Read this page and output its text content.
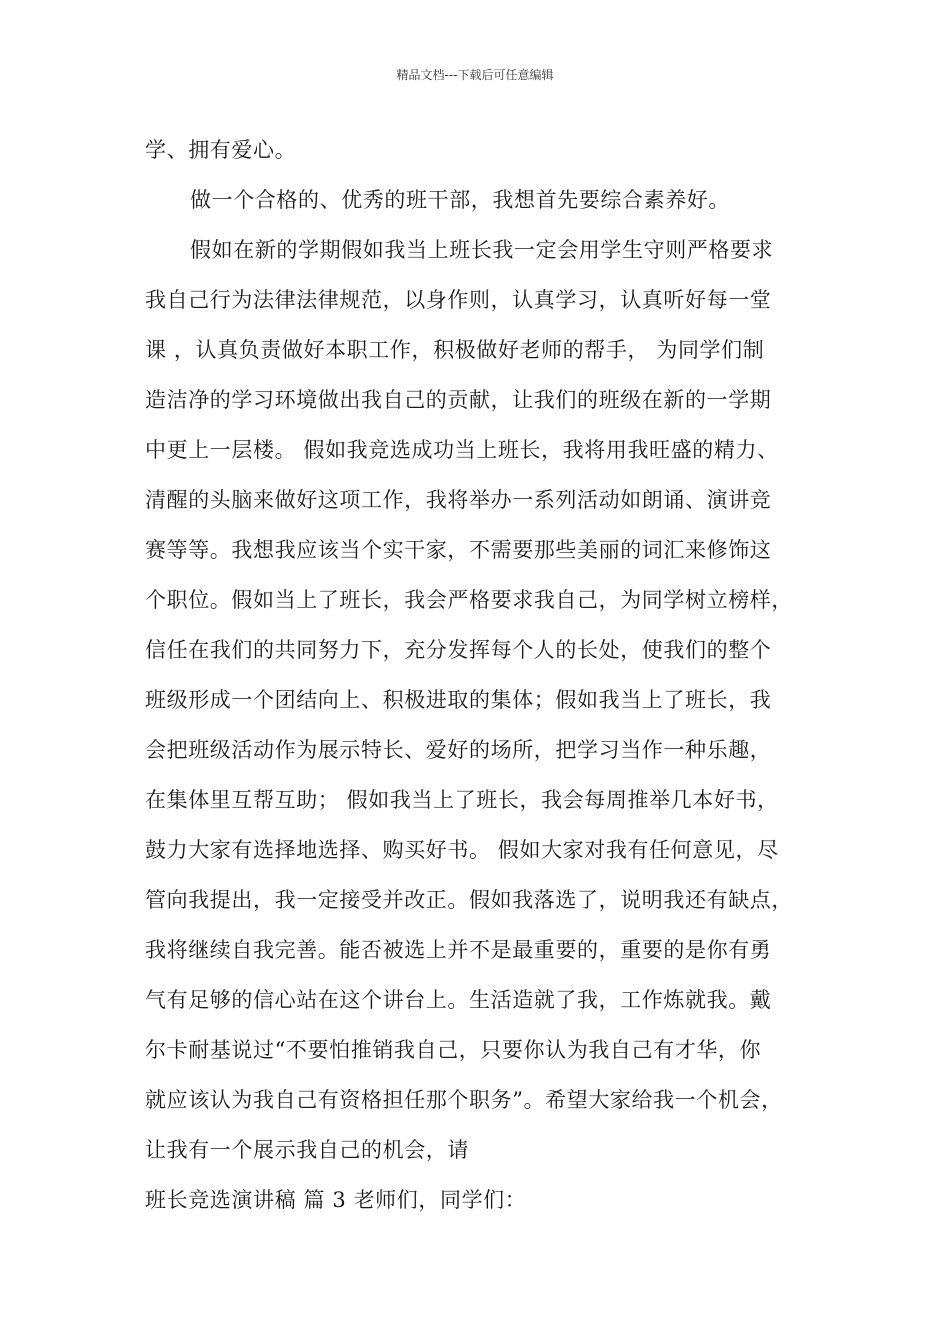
精品文档---下载后可任意编辑
学、拥有爱心。
做一个合格的、优秀的班干部，我想首先要综合素养好。
假如在新的学期假如我当上班长我一定会用学生守则严格要求
我自己行为法律法律规范，以身作则，认真学习，认真听好每一堂
课 ，认真负责做好本职工作，积极做好老师的帮手， 为同学们制
造洁净的学习环境做出我自己的贡献，让我们的班级在新的一学期
中更上一层楼。 假如我竞选成功当上班长，我将用我旺盛的精力、
清醒的头脑来做好这项工作，我将举办一系列活动如朗诵、演讲竞
赛等等。我想我应该当个实干家，不需要那些美丽的词汇来修饰这
个职位。假如当上了班长，我会严格要求我自己，为同学树立榜样，
信任在我们的共同努力下，充分发挥每个人的长处，使我们的整个
班级形成一个团结向上、积极进取的集体；假如我当上了班长，我
会把班级活动作为展示特长、爱好的场所，把学习当作一种乐趣，
在集体里互帮互助； 假如我当上了班长，我会每周推举几本好书，
鼓力大家有选择地选择、购买好书。 假如大家对我有任何意见，尽
管向我提出，我一定接受并改正。假如我落选了，说明我还有缺点，
我将继续自我完善。能否被选上并不是最重要的，重要的是你有勇
气有足够的信心站在这个讲台上。生活造就了我，工作炼就我。戴
尔卡耐基说过“不要怕推销我自己，只要你认为我自己有才华，你
就应该认为我自己有资格担任那个职务”。希望大家给我一个机会，
让我有一个展示我自己的机会，请
班长竞选演讲稿 篇 3 老师们，同学们：
